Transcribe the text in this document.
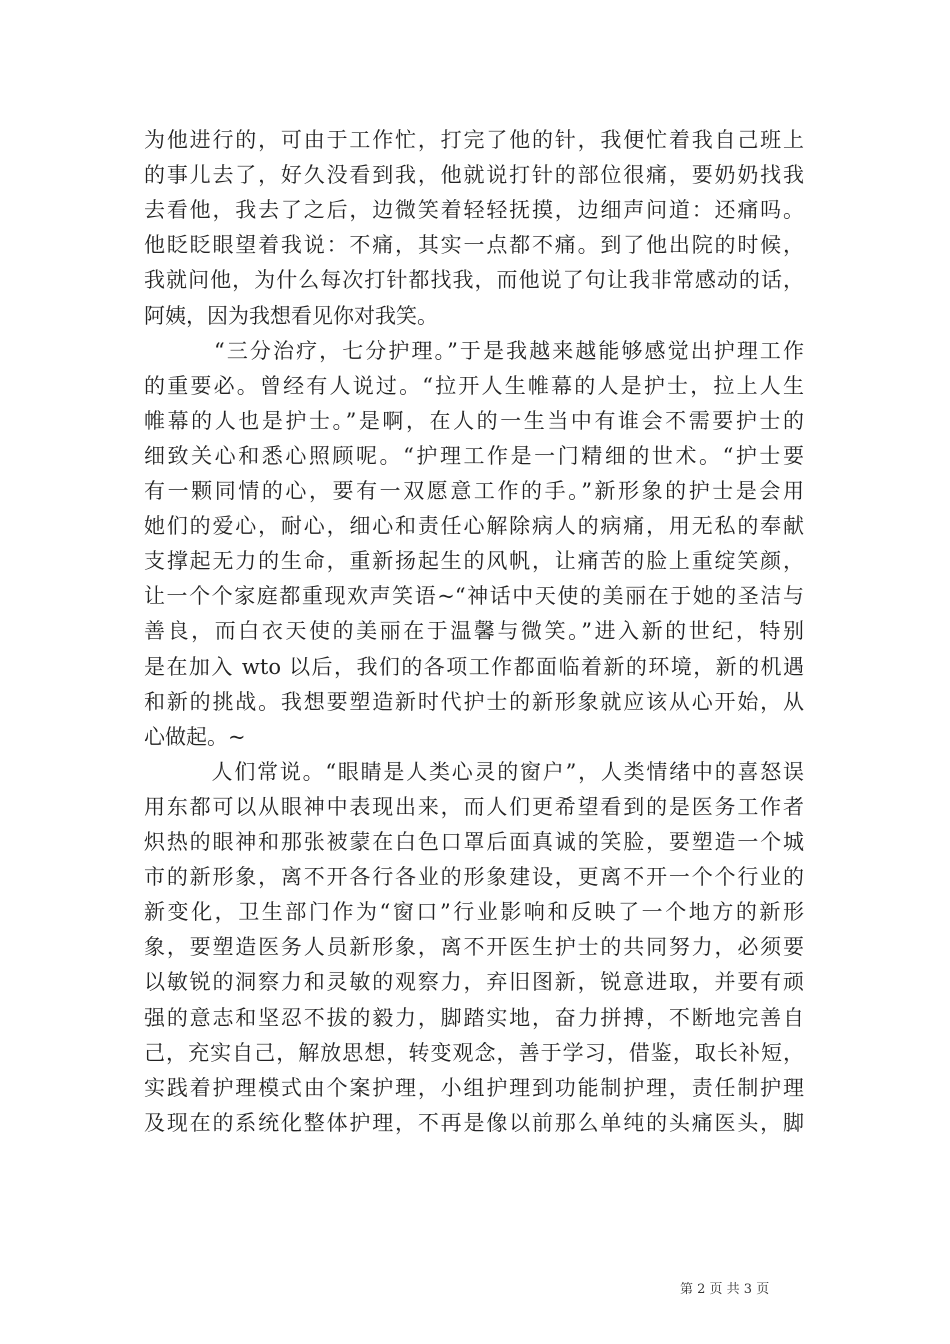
为他进行的，可由于工作忙，打完了他的针，我便忙着我自己班上
的事儿去了，好久没看到我，他就说打针的部位很痛，要奶奶找我
去看他，我去了之后，边微笑着轻轻抚摸，边细声问道：还痛吗。
他眨眨眼望着我说：不痛，其实一点都不痛。到了他出院的时候，
我就问他，为什么每次打针都找我，而他说了句让我非常感动的话，
阿姨，因为我想看见你对我笑。
“三分治疗，七分护理。”于是我越来越能够感觉出护理工作
的重要必。曾经有人说过。“拉开人生帷幕的人是护士，拉上人生
帷幕的人也是护士。”是啊，在人的一生当中有谁会不需要护士的
细致关心和悉心照顾呢。“护理工作是一门精细的世术。“护士要
有一颗同情的心，要有一双愿意工作的手。”新形象的护士是会用
她们的爱心，耐心，细心和责任心解除病人的病痛，用无私的奉献
支撑起无力的生命，重新扬起生的风帆，让痛苦的脸上重绽笑颜，
让一个个家庭都重现欢声笑语~“神话中天使的美丽在于她的圣洁与
善良，而白衣天使的美丽在于温馨与微笑。”进入新的世纪，特别
是在加入 wto 以后，我们的各项工作都面临着新的环境，新的机遇
和新的挑战。我想要塑造新时代护士的新形象就应该从心开始，从
心做起。~
人们常说。“眼睛是人类心灵的窗户”，人类情绪中的喜怒误
用东都可以从眼神中表现出来，而人们更希望看到的是医务工作者
炽热的眼神和那张被蒙在白色口罩后面真诚的笑脸，要塑造一个城
市的新形象，离不开各行各业的形象建设，更离不开一个个行业的
新变化，卫生部门作为“窗口”行业影响和反映了一个地方的新形
象，要塑造医务人员新形象，离不开医生护士的共同努力，必须要
以敏锐的洞察力和灵敏的观察力，弃旧图新，锐意进取，并要有顽
强的意志和坚忍不拔的毅力，脚踏实地，奋力拼搏，不断地完善自
己，充实自己，解放思想，转变观念，善于学习，借鉴，取长补短，
实践着护理模式由个案护理，小组护理到功能制护理，责任制护理
及现在的系统化整体护理，不再是像以前那么单纯的头痛医头，脚
第 2 页 共 3 页
